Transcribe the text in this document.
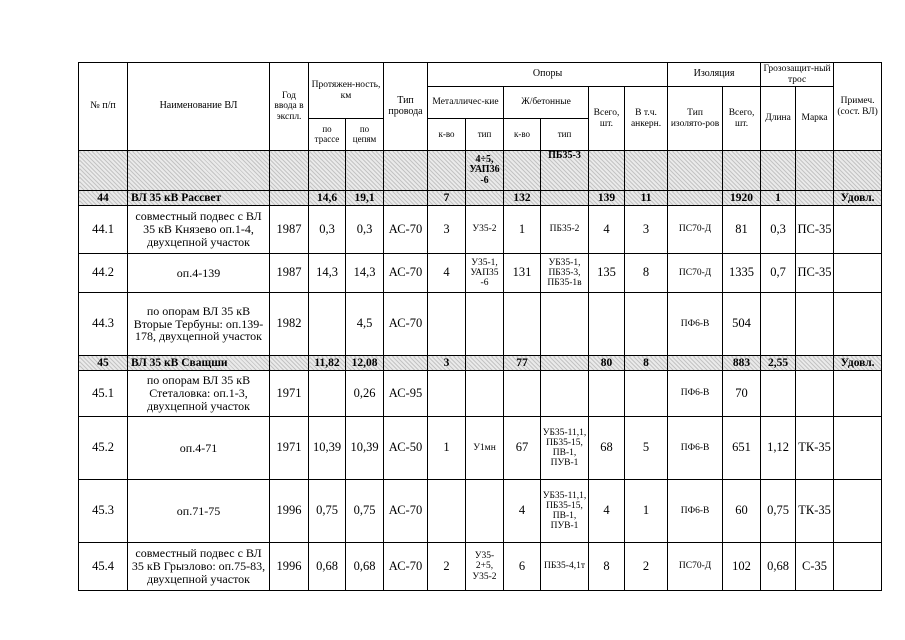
№ п/п	Наименование ВЛ	Год ввода в экспл.	Протяжен-ность, км		Тип провода	Опоры						Изоляция		Грозозащит-ный трос		Примеч. (сост. ВЛ)
						Металличес-кие		Ж/бетонные		Всего, шт.	В т.ч. анкерн.	Тип изолято-ров	Всего, шт.	Длина	Марка	
			по трассе	по цепям		к-во	тип	к-во	тип							
							4÷5, УАП36 -6		ПБ35-3							
44	ВЛ 35 кВ Рассвет		14,6	19,1		7		132		139	11		1920	1		Удовл.
44.1	совместный подвес с ВЛ 35 кВ Князево оп.1-4, двухцепной участок	1987	0,3	0,3	АС-70	3	У35-2	1	ПБ35-2	4	3	ПС70-Д	81	0,3	ПС-35	
44.2	оп.4-139	1987	14,3	14,3	АС-70	4	У35-1, УАП35 -6	131	УБ35-1, ПБ35-3, ПБ35-1в	135	8	ПС70-Д	1335	0,7	ПС-35	
44.3	по опорам ВЛ 35 кВ Вторые Тербуны: оп.139-178, двухцепной участок	1982		4,5	АС-70							ПФ6-В	504			
45	ВЛ 35 кВ Сващши		11,82	12,08		3		77		80	8		883	2,55		Удовл.
45.1	по опорам ВЛ 35 кВ Стеталовка: оп.1-3, двухцепной участок	1971		0,26	АС-95							ПФ6-В	70			
45.2	оп.4-71	1971	10,39	10,39	АС-50	1	У1мн	67	УБ35-11,1, ПБ35-15, ПВ-1, ПУВ-1	68	5	ПФ6-В	651	1,12	ТК-35	
45.3	оп.71-75	1996	0,75	0,75	АС-70			4	УБ35-11,1, ПБ35-15, ПВ-1, ПУВ-1	4	1	ПФ6-В	60	0,75	ТК-35	
45.4	совместный подвес с ВЛ 35 кВ Грызлово: оп.75-83, двухцепной участок	1996	0,68	0,68	АС-70	2	У35-2+5, У35-2	6	ПБ35-4,1т	8	2	ПС70-Д	102	0,68	С-35	
